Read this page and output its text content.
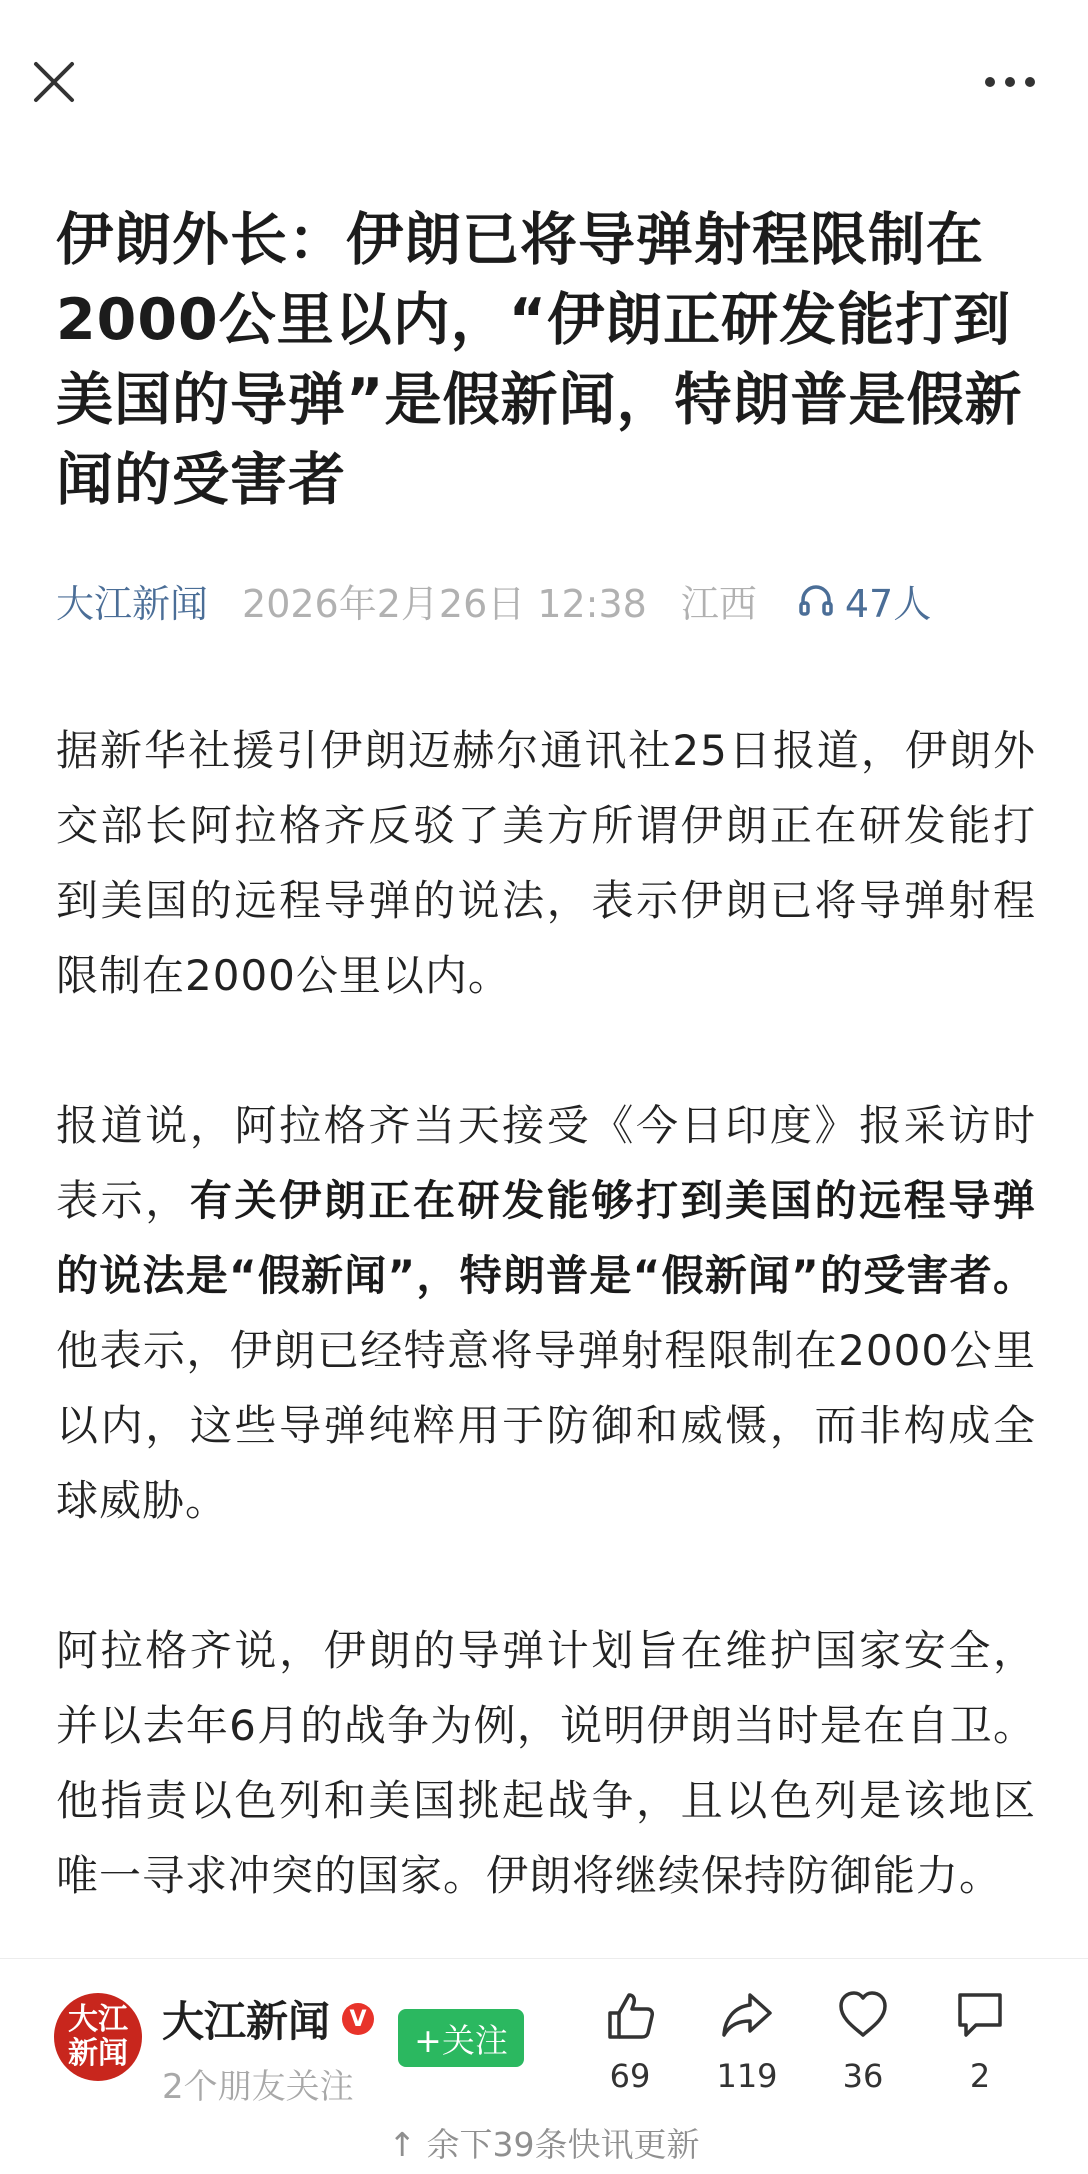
伊朗外长：伊朗已将导弹射程限制在2000公里以内，“伊朗正研发能打到美国的导弹”是假新闻，特朗普是假新闻的受害者
大江新闻 2026年2月26日 12:38 江西 47人

据新华社援引伊朗迈赫尔通讯社25日报道，伊朗外交部长阿拉格齐反驳了美方所谓伊朗正在研发能打到美国的远程导弹的说法，表示伊朗已将导弹射程限制在2000公里以内。

报道说，阿拉格齐当天接受《今日印度》报采访时表示，有关伊朗正在研发能够打到美国的远程导弹的说法是“假新闻”，特朗普是“假新闻”的受害者。他表示，伊朗已经特意将导弹射程限制在2000公里以内，这些导弹纯粹用于防御和威慑，而非构成全球威胁。

阿拉格齐说，伊朗的导弹计划旨在维护国家安全，并以去年6月的战争为例，说明伊朗当时是在自卫。他指责以色列和美国挑起战争，且以色列是该地区唯一寻求冲突的国家。伊朗将继续保持防御能力。

大江
新闻
大江新闻 V
2个朋友关注
+关注
69 119 36	2
↑ 余下39条快讯更新
